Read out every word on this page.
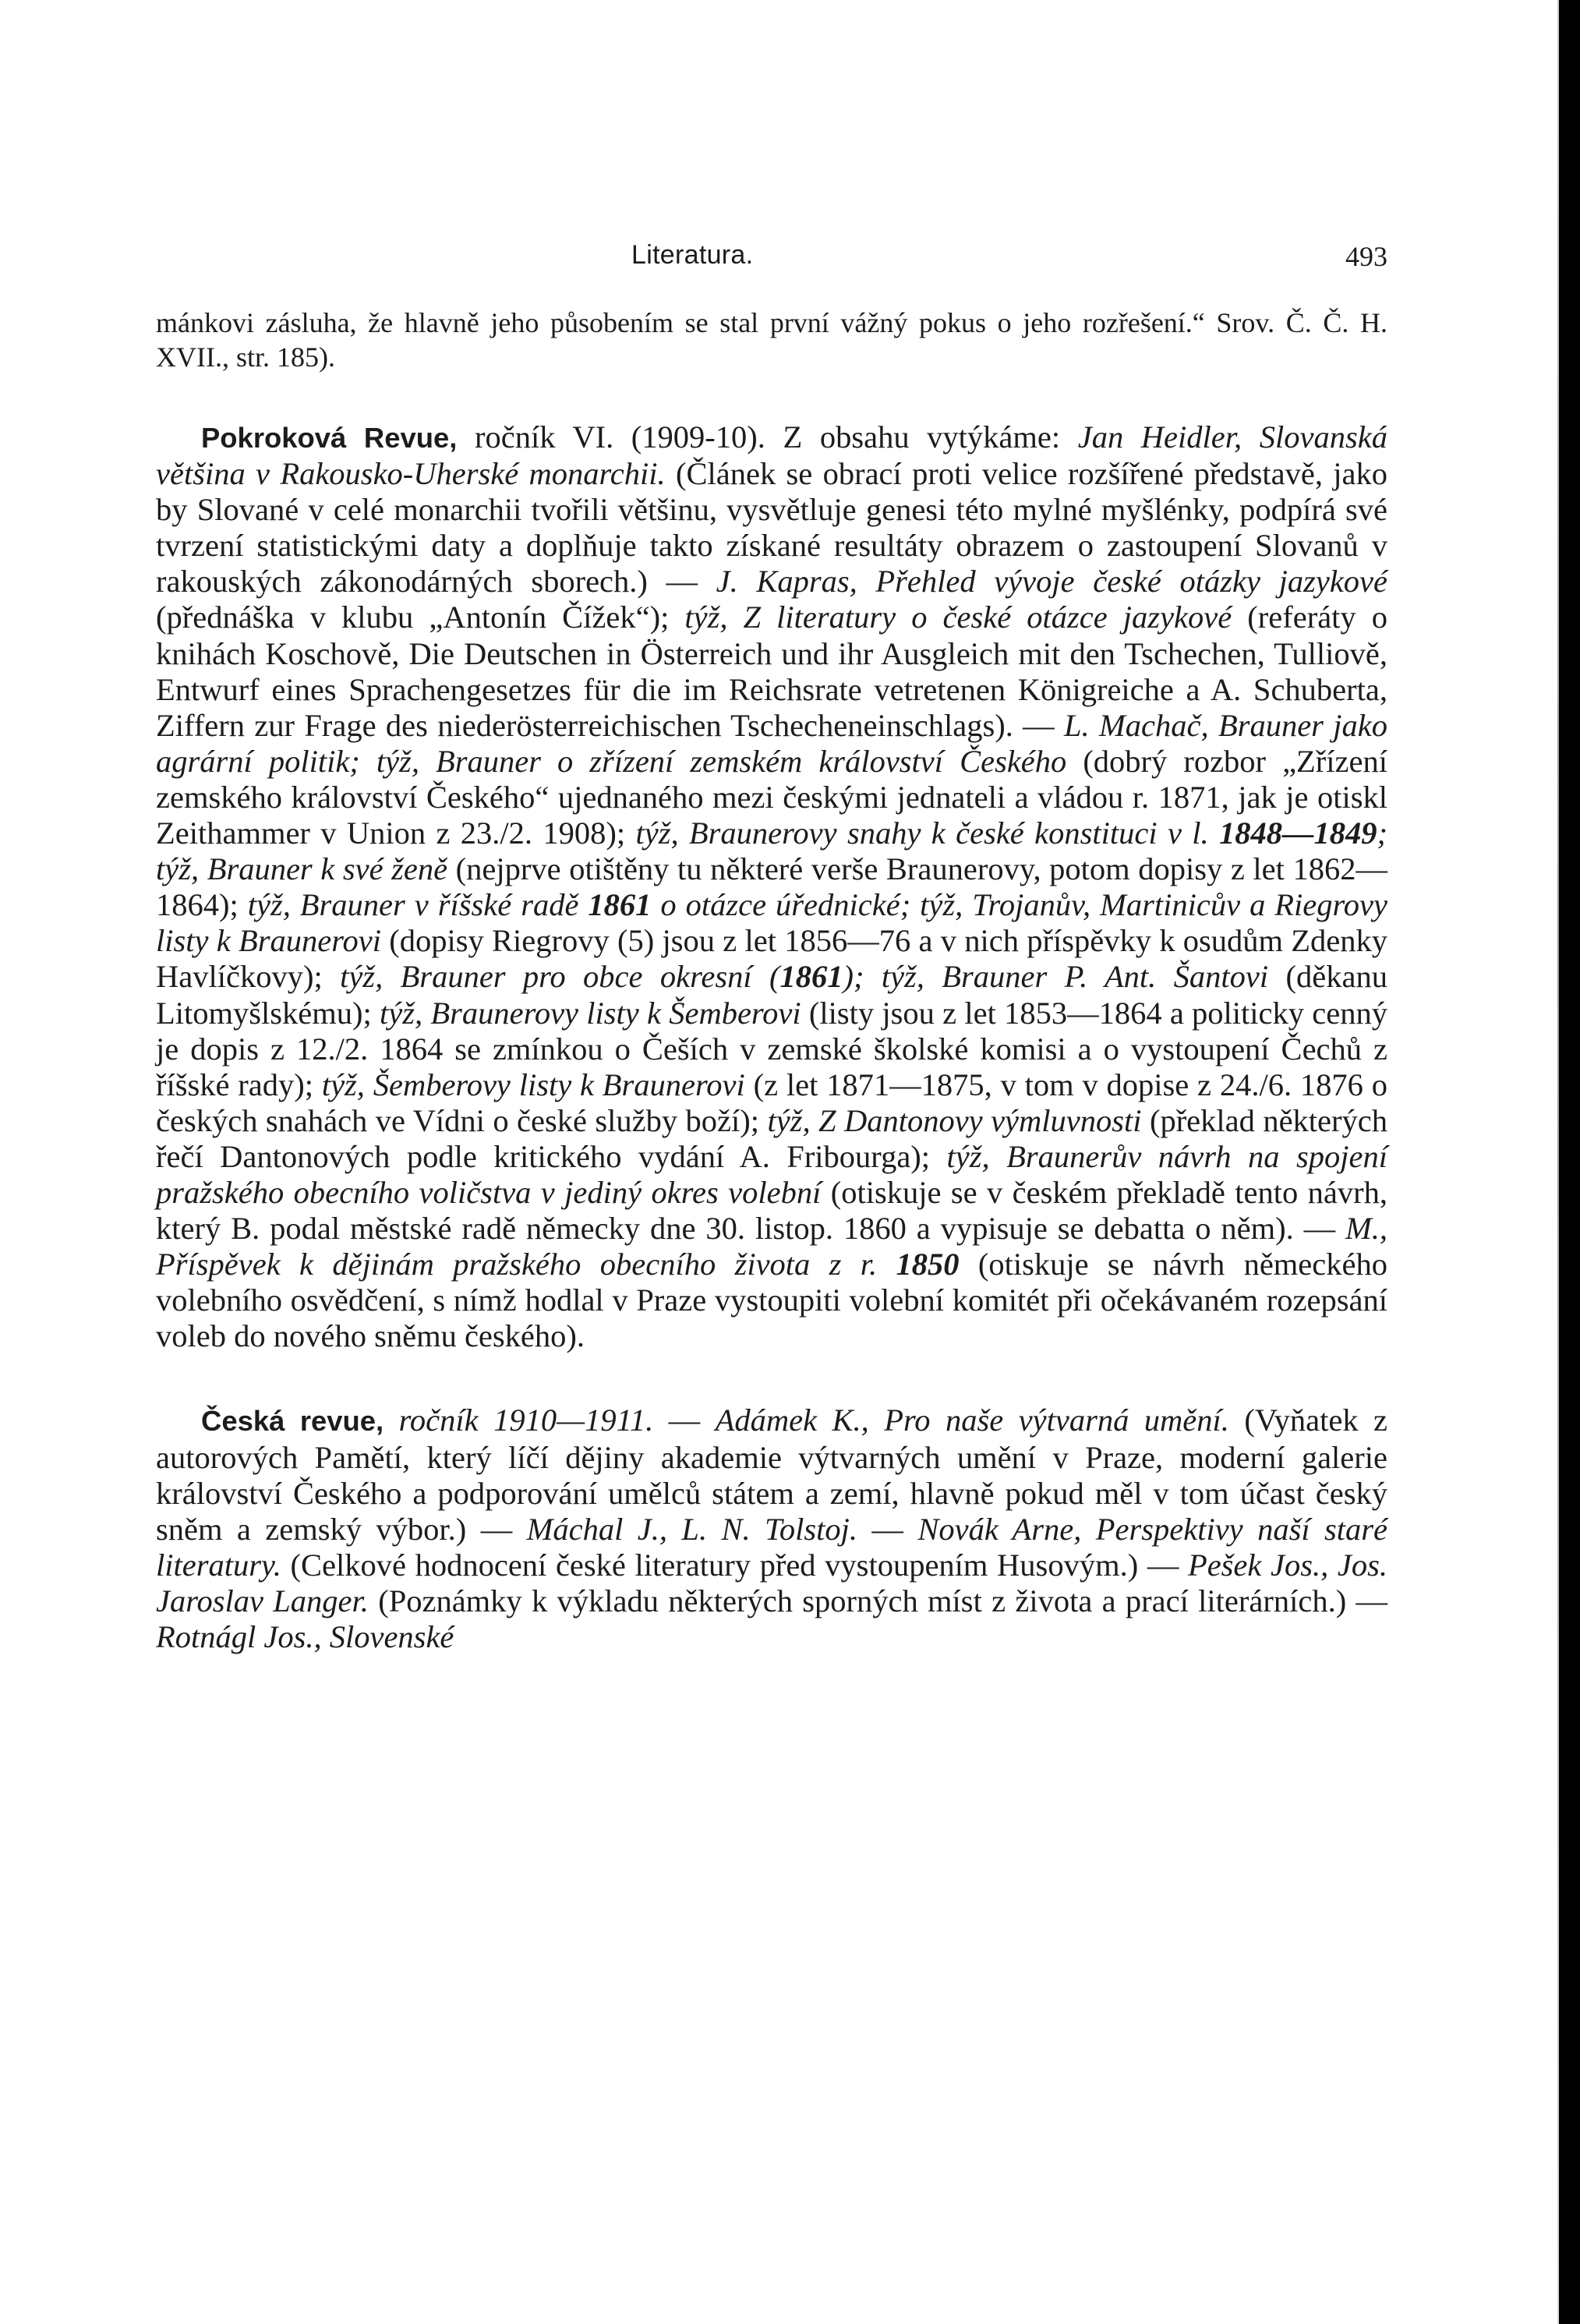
Literatura.	493

mánkovi zásluha, že hlavně jeho působením se stal první vážný pokus o jeho rozřešení.“ Srov. Č. Č. H. XVII., str. 185).

Pokroková Revue, ročník VI. (1909-10). Z obsahu vytýkáme: Jan Heidler, Slovanská většina v Rakousko-Uherské monarchii. (Článek se obrací proti velice rozšířené představě, jako by Slované v celé monarchii tvořili většinu, vysvětluje genesi této mylné myšlénky, podpírá své tvrzení statistickými daty a doplňuje takto získané resultáty obrazem o zastoupení Slovanů v rakouských zákonodárných sborech.) — J. Kapras, Přehled vývoje české otázky jazykové (přednáška v klubu „Antonín Čížek“); týž, Z literatury o české otázce jazykové (referáty o knihách Koschově, Die Deutschen in Österreich und ihr Ausgleich mit den Tschechen, Tulliově, Entwurf eines Sprachengesetzes für die im Reichsrate vetretenen Königreiche a A. Schuberta, Ziffern zur Frage des niederösterreichischen Tschecheneinschlags). — L. Machač, Brauner jako agrární politik; týž, Brauner o zřízení zemském království Českého (dobrý rozbor „Zřízení zemského království Českého“ ujednaného mezi českými jednateli a vládou r. 1871, jak je otiskl Zeithammer v Union z 23./2. 1908); týž, Braunerovy snahy k české konstituci v l. 1848—1849; týž, Brauner k své ženě (nejprve otištěny tu některé verše Braunerovy, potom dopisy z let 1862—1864); týž, Brauner v říšské radě 1861 o otázce úřednické; týž, Trojanův, Martinicův a Riegrovy listy k Braunerovi (dopisy Riegrovy (5) jsou z let 1856—76 a v nich příspěvky k osudům Zdenky Havlíčkovy); týž, Brauner pro obce okresní (1861); týž, Brauner P. Ant. Šantovi (děkanu Litomyšlskému); týž, Braunerovy listy k Šemberovi (listy jsou z let 1853—1864 a politicky cenný je dopis z 12./2. 1864 se zmínkou o Češích v zemské školské komisi a o vystoupení Čechů z říšské rady); týž, Šemberovy listy k Braunerovi (z let 1871—1875, v tom v dopise z 24./6. 1876 o českých snahách ve Vídni o české služby boží); týž, Z Dantonovy výmluvnosti (překlad některých řečí Dantonových podle kritického vydání A. Fribourga); týž, Braunerův návrh na spojení pražského obecního voličstva v jediný okres volební (otiskuje se v českém překladě tento návrh, který B. podal městské radě německy dne 30. listop. 1860 a vypisuje se debatta o něm). — M., Příspěvek k dějinám pražského obecního života z r. 1850 (otiskuje se návrh německého volebního osvědčení, s nímž hodlal v Praze vystoupiti volební komitét při očekávaném rozepsání voleb do nového sněmu českého).

Česká revue, ročník 1910—1911. — Adámek K., Pro naše výtvarná umění. (Vyňatek z autorových Pamětí, který líčí dějiny akademie výtvarných umění v Praze, moderní galerie království Českého a podporování umělců státem a zemí, hlavně pokud měl v tom účast český sněm a zemský výbor.) — Máchal J., L. N. Tolstoj. — Novák Arne, Perspektivy naší staré literatury. (Celkové hodnocení české literatury před vystoupením Husovým.) — Pešek Jos., Jos. Jaroslav Langer. (Poznámky k výkladu některých sporných míst z života a prací literárních.) — Rotnágl Jos., Slovenské
